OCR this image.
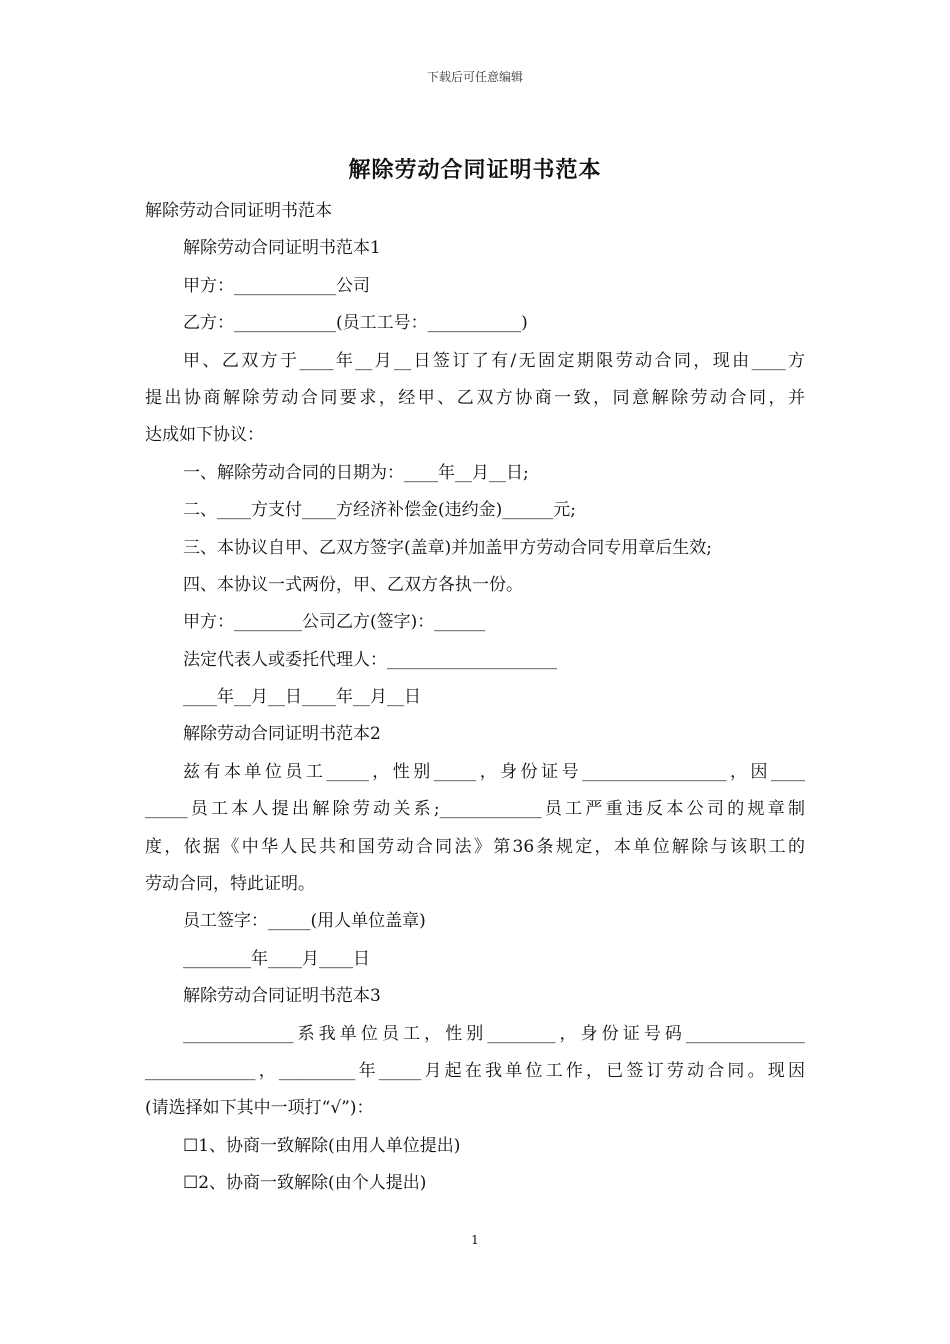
下载后可任意编辑
解除劳动合同证明书范本
解除劳动合同证明书范本
解除劳动合同证明书范本1
甲方：____________公司
乙方：____________(员工工号：___________)
甲、乙双方于____年__月__日签订了有/无固定期限劳动合同，现由____方
提出协商解除劳动合同要求，经甲、乙双方协商一致，同意解除劳动合同，并
达成如下协议：
一、解除劳动合同的日期为：____年__月__日;
二、____方支付____方经济补偿金(违约金)______元;
三、本协议自甲、乙双方签字(盖章)并加盖甲方劳动合同专用章后生效;
四、本协议一式两份，甲、乙双方各执一份。
甲方：________公司乙方(签字)：______
法定代表人或委托代理人：____________________
____年__月__日____年__月__日
解除劳动合同证明书范本2
兹有本单位员工_____，性别_____，身份证号_________________，因____
_____员工本人提出解除劳动关系;____________员工严重违反本公司的规章制
度，依据《中华人民共和国劳动合同法》第36条规定，本单位解除与该职工的
劳动合同，特此证明。
员工签字：_____(用人单位盖章)
________年____月____日
解除劳动合同证明书范本3
_____________系我单位员工，性别________，身份证号码______________
_____________，_________年_____月起在我单位工作，已签订劳动合同。现因
(请选择如下其中一项打“√”)：
☐1、协商一致解除(由用人单位提出)
☐2、协商一致解除(由个人提出)
1
